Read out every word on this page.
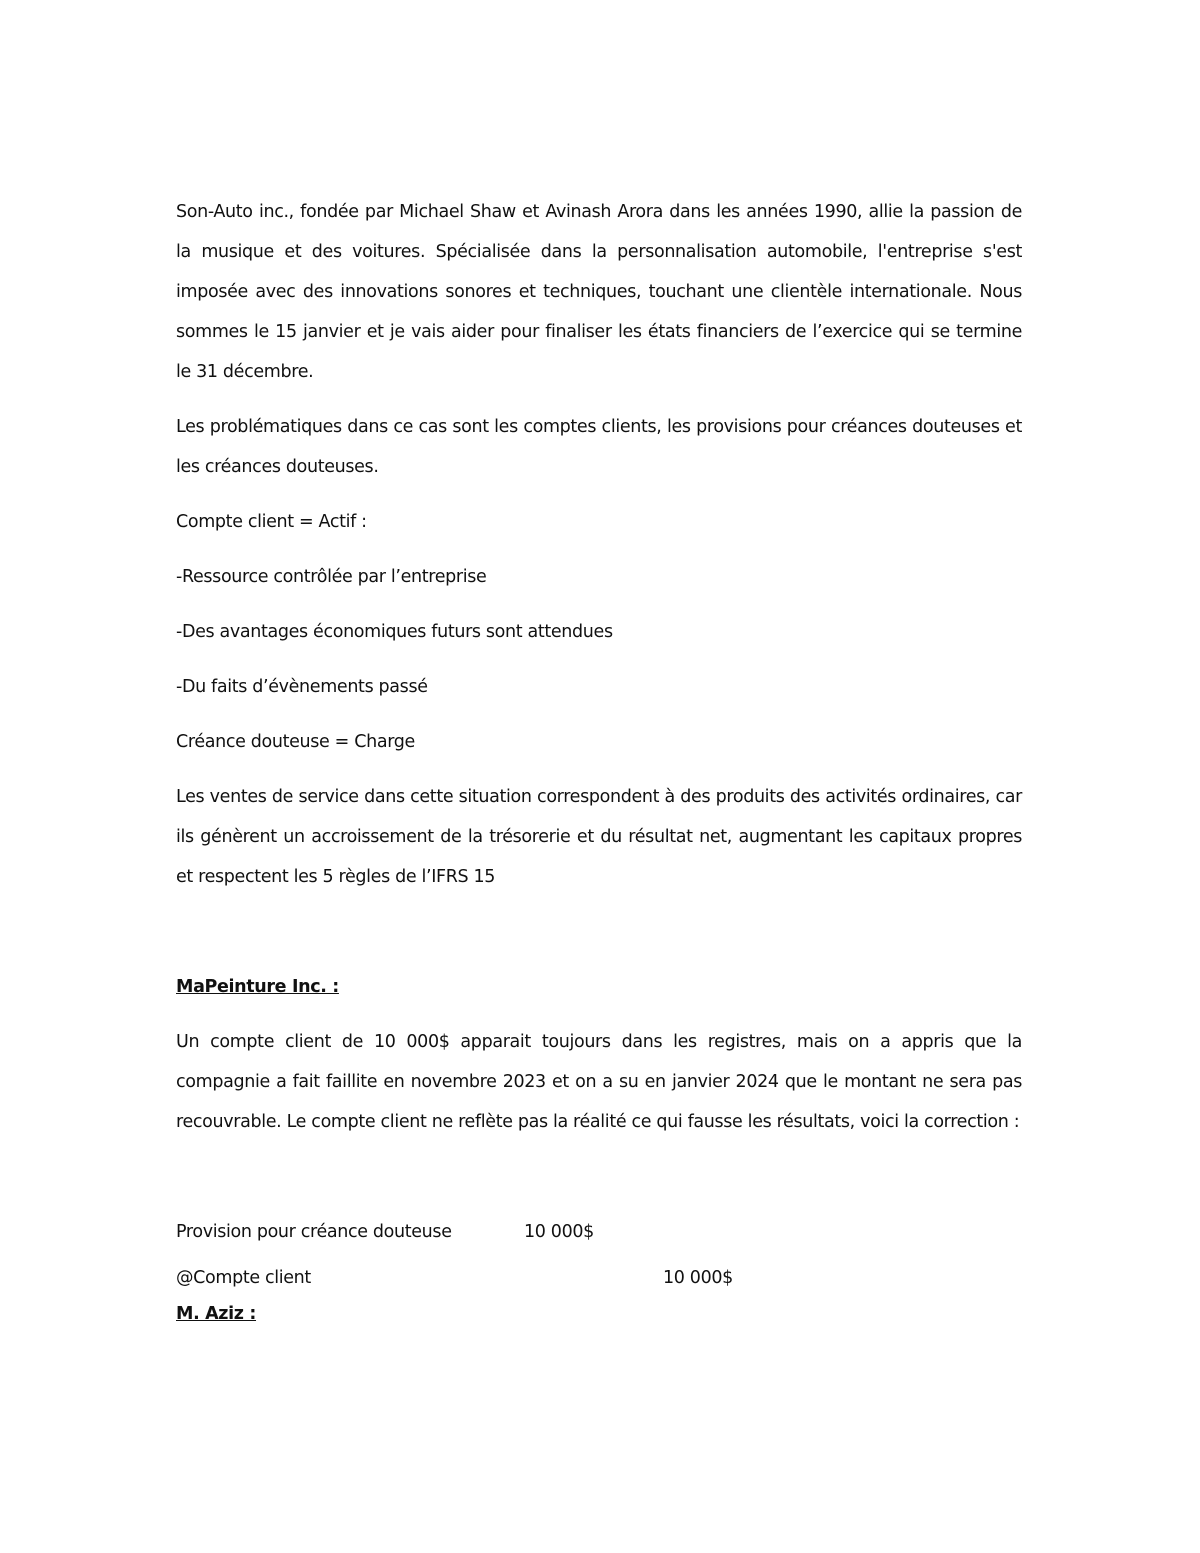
Son-Auto inc., fondée par Michael Shaw et Avinash Arora dans les années 1990, allie la passion de la musique et des voitures. Spécialisée dans la personnalisation automobile, l'entreprise s'est imposée avec des innovations sonores et techniques, touchant une clientèle internationale. Nous sommes le 15 janvier et je vais aider pour finaliser les états financiers de l’exercice qui se termine le 31 décembre.

Les problématiques dans ce cas sont les comptes clients, les provisions pour créances douteuses et les créances douteuses.

Compte client = Actif :

-Ressource contrôlée par l’entreprise

-Des avantages économiques futurs sont attendues

-Du faits d’évènements passé

Créance douteuse = Charge

Les ventes de service dans cette situation correspondent à des produits des activités ordinaires, car ils génèrent un accroissement de la trésorerie et du résultat net, augmentant les capitaux propres et respectent les 5 règles de l’IFRS 15

MaPeinture Inc. :

Un compte client de 10 000$ apparait toujours dans les registres, mais on a appris que la compagnie a fait faillite en novembre 2023 et on a su en janvier 2024 que le montant ne sera pas recouvrable. Le compte client ne reflète pas la réalité ce qui fausse les résultats, voici la correction :

Provision pour créance douteuse	10 000$
@Compte client	10 000$

M. Aziz :
